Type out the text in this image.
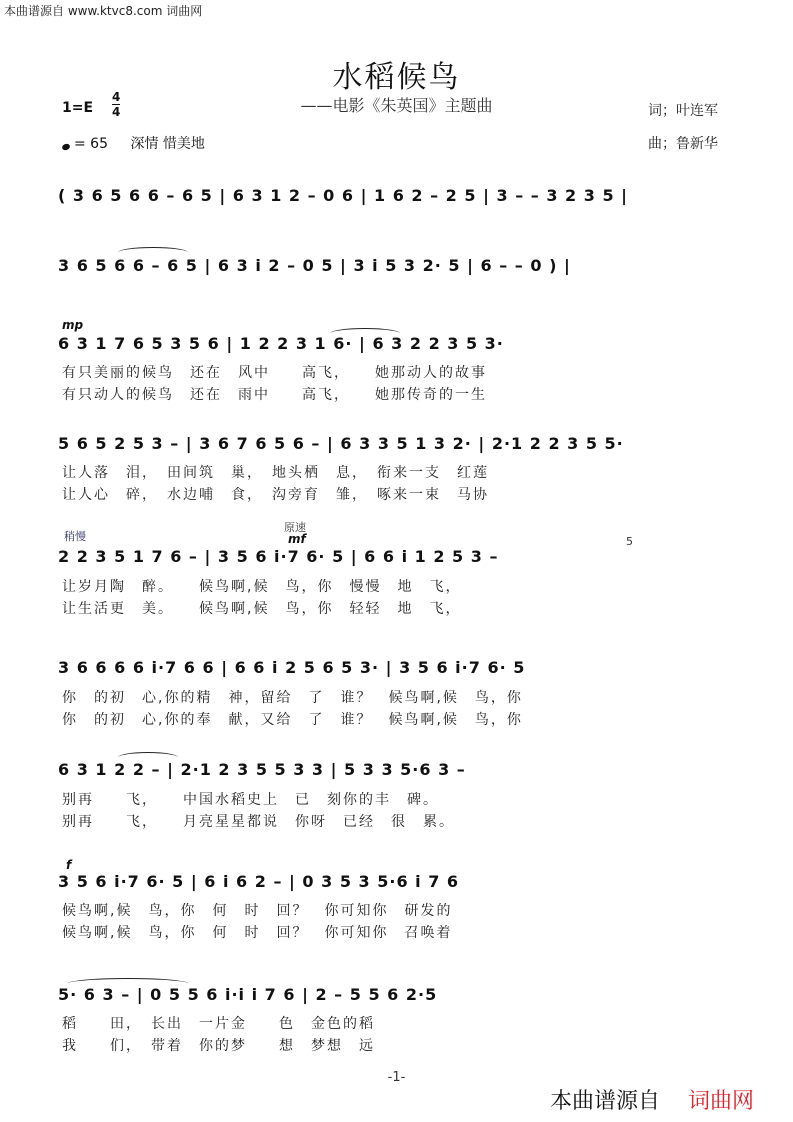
本曲谱源自 www.ktvc8.com 词曲网
水稻候鸟
——电影《朱英国》主题曲
1=E
4
4
= 65 深情 惜美地
词；叶连军
曲；鲁新华
mp
稍慢
原速
mf	5
f
( 3 6 5 6 6 – 6 5 | 6 3 1 2 – 0 6 | 1 6 2 – 2 5 | 3 – – 3 2 3 5 |
3 6 5 6 6 – 6 5 | 6 3 i 2 – 0 5 | 3 i 5 3 2· 5 | 6 – – 0 ) |
6 3 1 7 6 5 3 5 6 | 1 2 2 3 1 6· | 6 3 2 2 3 5 3·
有只美丽的候鸟　还在　风中　　高飞，　　她那动人的故事
有只动人的候鸟　还在　雨中　　高飞，　　她那传奇的一生
5 6 5 2 5 3 – | 3 6 7 6 5 6 – | 6 3 3 5 1 3 2· | 2·1 2 2 3 5 5·
让人落　泪，　田间筑　巢，　地头栖　息，　衔来一支　红莲
让人心　碎，　水边哺　食，　沟旁育　雏，　啄来一束　马协
2 2 3 5 1 7 6 – | 3 5 6 i·7 6· 5 | 6 6 i 1 2 5 3 –
让岁月陶　醉。　　候鸟啊,候　鸟，你　慢慢　地　飞，
让生活更　美。　　候鸟啊,候　鸟，你　轻轻　地　飞，
3 6 6 6 6 i·7 6 6 | 6 6 i 2 5 6 5 3· | 3 5 6 i·7 6· 5
你　的初　心,你的精　神，留给　了　谁？　候鸟啊,候　鸟，你
你　的初　心,你的奉　献，又给　了　谁？　候鸟啊,候　鸟，你
6 3 1 2 2 – | 2·1 2 3 5 5 3 3 | 5 3 3 5·6 3 –
别再　　飞，　　中国水稻史上　已　刻你的丰　碑。
别再　　飞，　　月亮星星都说　你呀　已经　很　累。
3 5 6 i·7 6· 5 | 6 i 6 2 – | 0 3 5 3 5·6 i 7 6
候鸟啊,候　鸟，你　何　时　回？　你可知你　研发的
候鸟啊,候　鸟，你　何　时　回？　你可知你　召唤着
5· 6 3 – | 0 5 5 6 i·i i 7 6 | 2 – 5 5 6 2·5
稻　　田，　长出　一片金　　色　金色的稻
我　　们，　带着　你的梦　　想　梦想　远
-1-
本曲谱源自 词曲网
